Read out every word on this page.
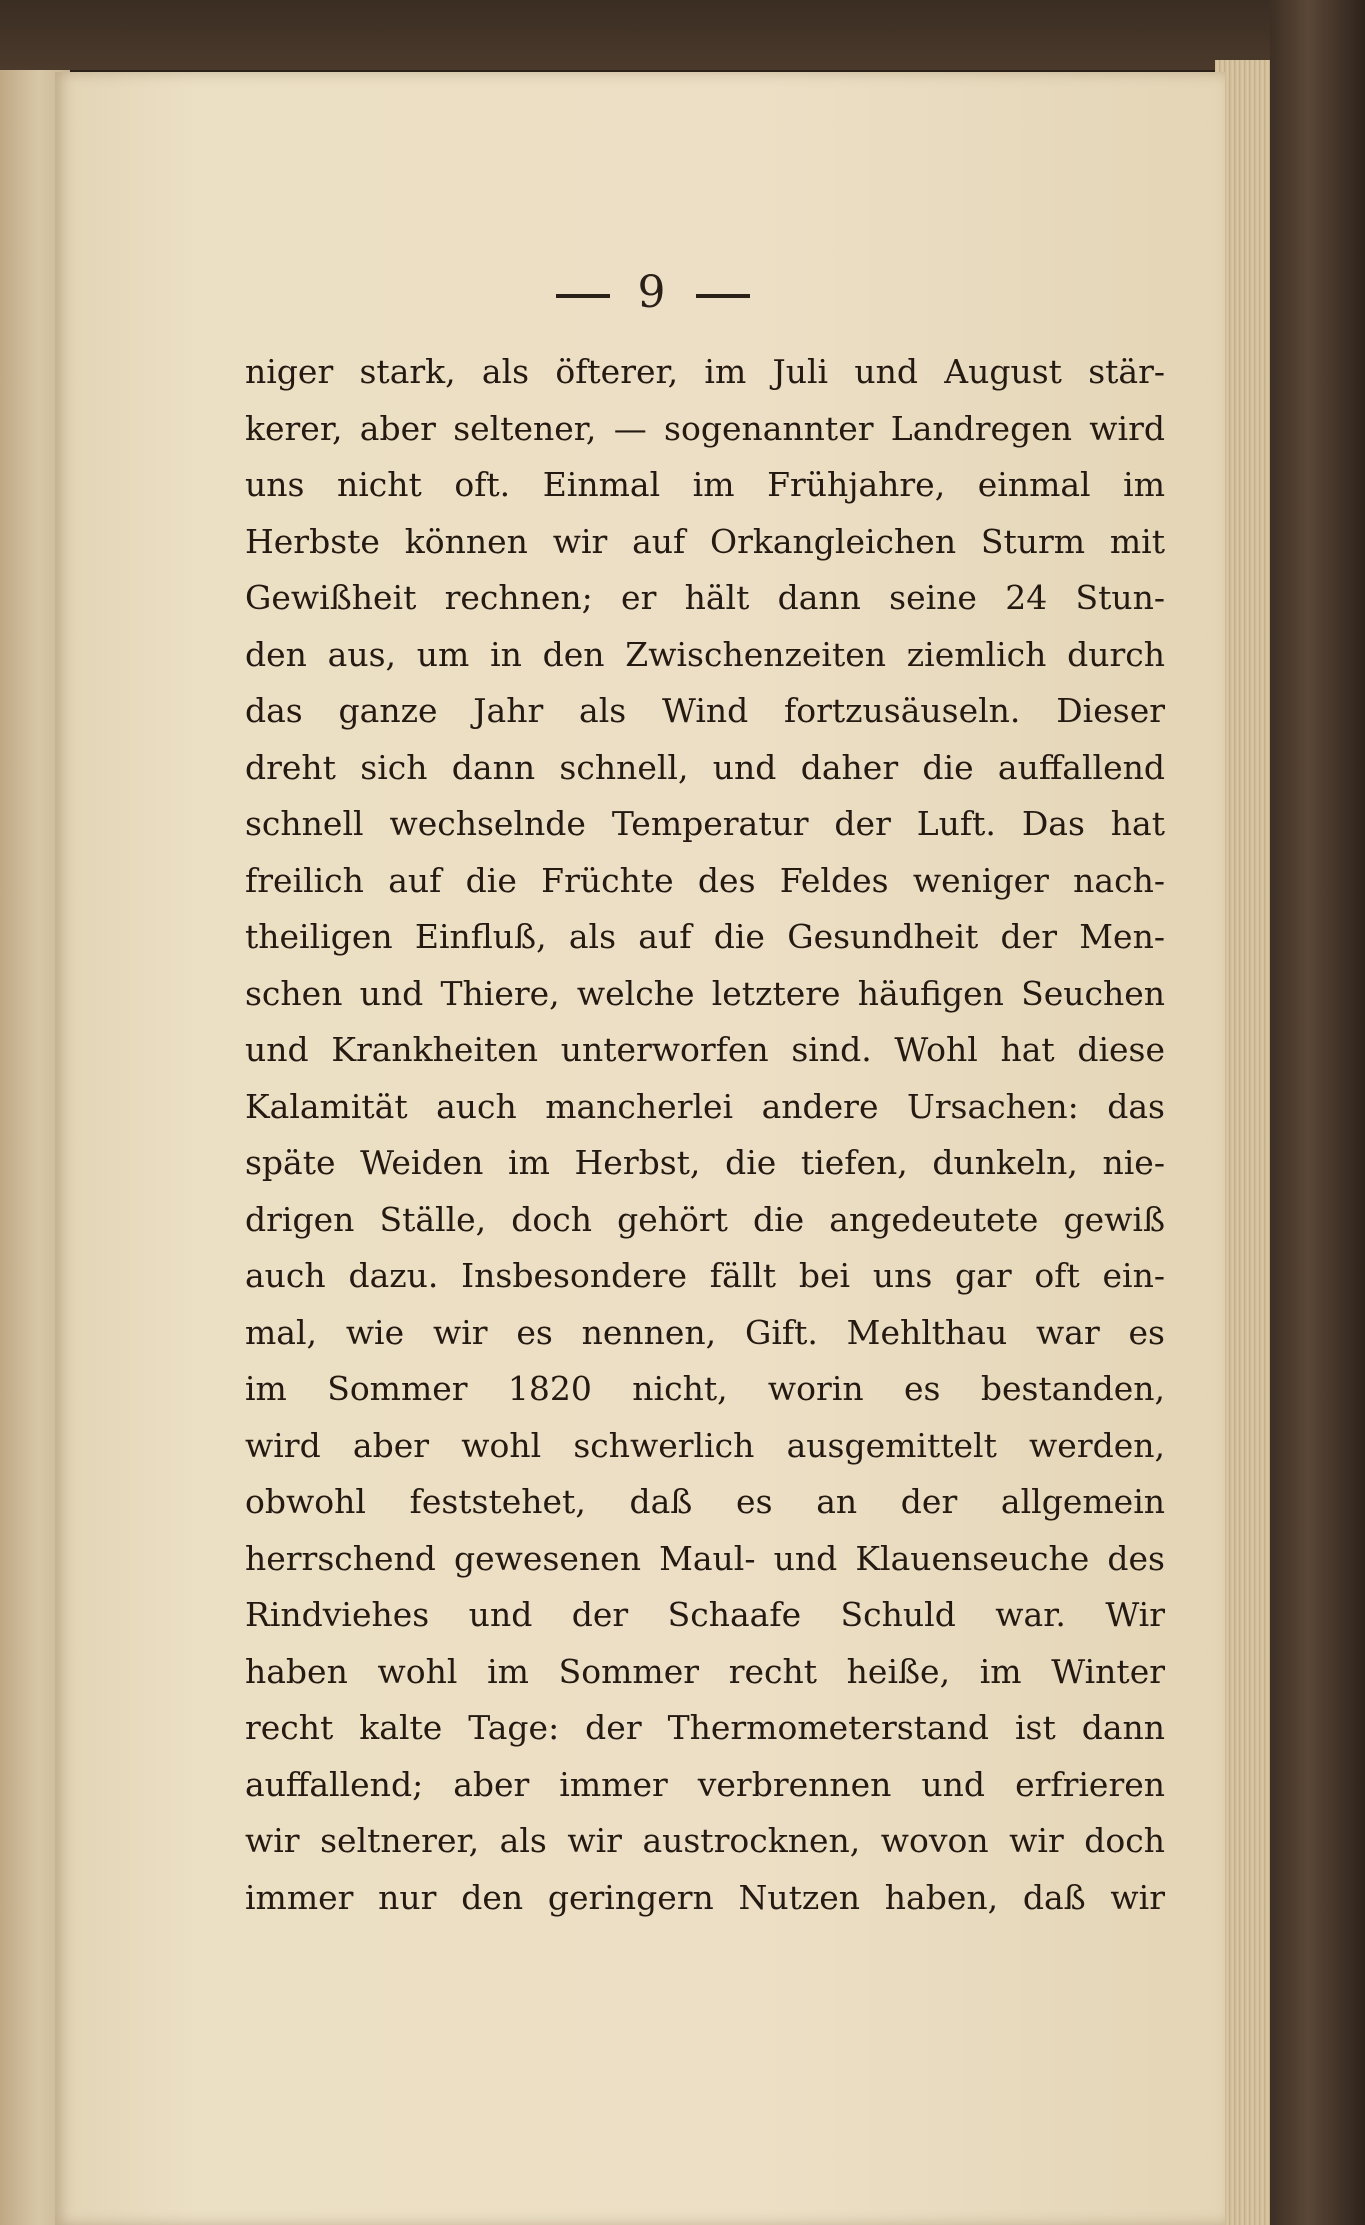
9
niger stark, als öfterer, im Juli und August stär-
kerer, aber seltener, — sogenannter Landregen wird
uns nicht oft. Einmal im Frühjahre, einmal im
Herbste können wir auf Orkangleichen Sturm mit
Gewißheit rechnen; er hält dann seine 24 Stun-
den aus, um in den Zwischenzeiten ziemlich durch
das ganze Jahr als Wind fortzusäuseln. Dieser
dreht sich dann schnell, und daher die auffallend
schnell wechselnde Temperatur der Luft. Das hat
freilich auf die Früchte des Feldes weniger nach-
theiligen Einfluß, als auf die Gesundheit der Men-
schen und Thiere, welche letztere häufigen Seuchen
und Krankheiten unterworfen sind. Wohl hat diese
Kalamität auch mancherlei andere Ursachen: das
späte Weiden im Herbst, die tiefen, dunkeln, nie-
drigen Ställe, doch gehört die angedeutete gewiß
auch dazu. Insbesondere fällt bei uns gar oft ein-
mal, wie wir es nennen, Gift. Mehlthau war es
im Sommer 1820 nicht, worin es bestanden,
wird aber wohl schwerlich ausgemittelt werden,
obwohl feststehet, daß es an der allgemein
herrschend gewesenen Maul- und Klauenseuche des
Rindviehes und der Schaafe Schuld war. Wir
haben wohl im Sommer recht heiße, im Winter
recht kalte Tage: der Thermometerstand ist dann
auffallend; aber immer verbrennen und erfrieren
wir seltnerer, als wir austrocknen, wovon wir doch
immer nur den geringern Nutzen haben, daß wir
